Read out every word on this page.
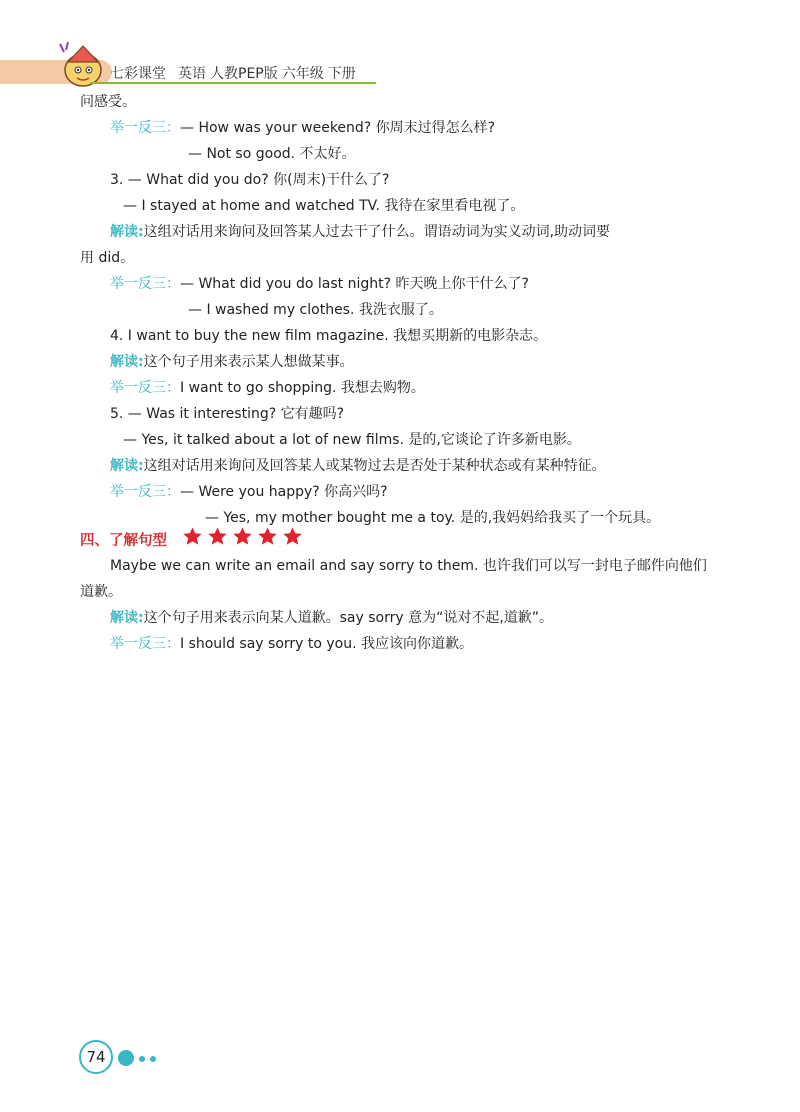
七彩课堂 英语 人教PEP版 六年级 下册
问感受。
举一反三：— How was your weekend? 你周末过得怎么样?
— Not so good. 不太好。
3. — What did you do? 你(周末)干什么了?
— I stayed at home and watched TV. 我待在家里看电视了。
解读:这组对话用来询问及回答某人过去干了什么。谓语动词为实义动词,助动词要
用 did。
举一反三：— What did you do last night? 昨天晚上你干什么了?
— I washed my clothes. 我洗衣服了。
4. I want to buy the new film magazine. 我想买期新的电影杂志。
解读:这个句子用来表示某人想做某事。
举一反三：I want to go shopping. 我想去购物。
5. — Was it interesting? 它有趣吗?
— Yes, it talked about a lot of new films. 是的,它谈论了许多新电影。
解读:这组对话用来询问及回答某人或某物过去是否处于某种状态或有某种特征。
举一反三：— Were you happy? 你高兴吗?
— Yes, my mother bought me a toy. 是的,我妈妈给我买了一个玩具。
四、了解句型
Maybe we can write an email and say sorry to them. 也许我们可以写一封电子邮件向他们
道歉。
解读:这个句子用来表示向某人道歉。say sorry 意为“说对不起,道歉”。
举一反三：I should say sorry to you. 我应该向你道歉。
74
